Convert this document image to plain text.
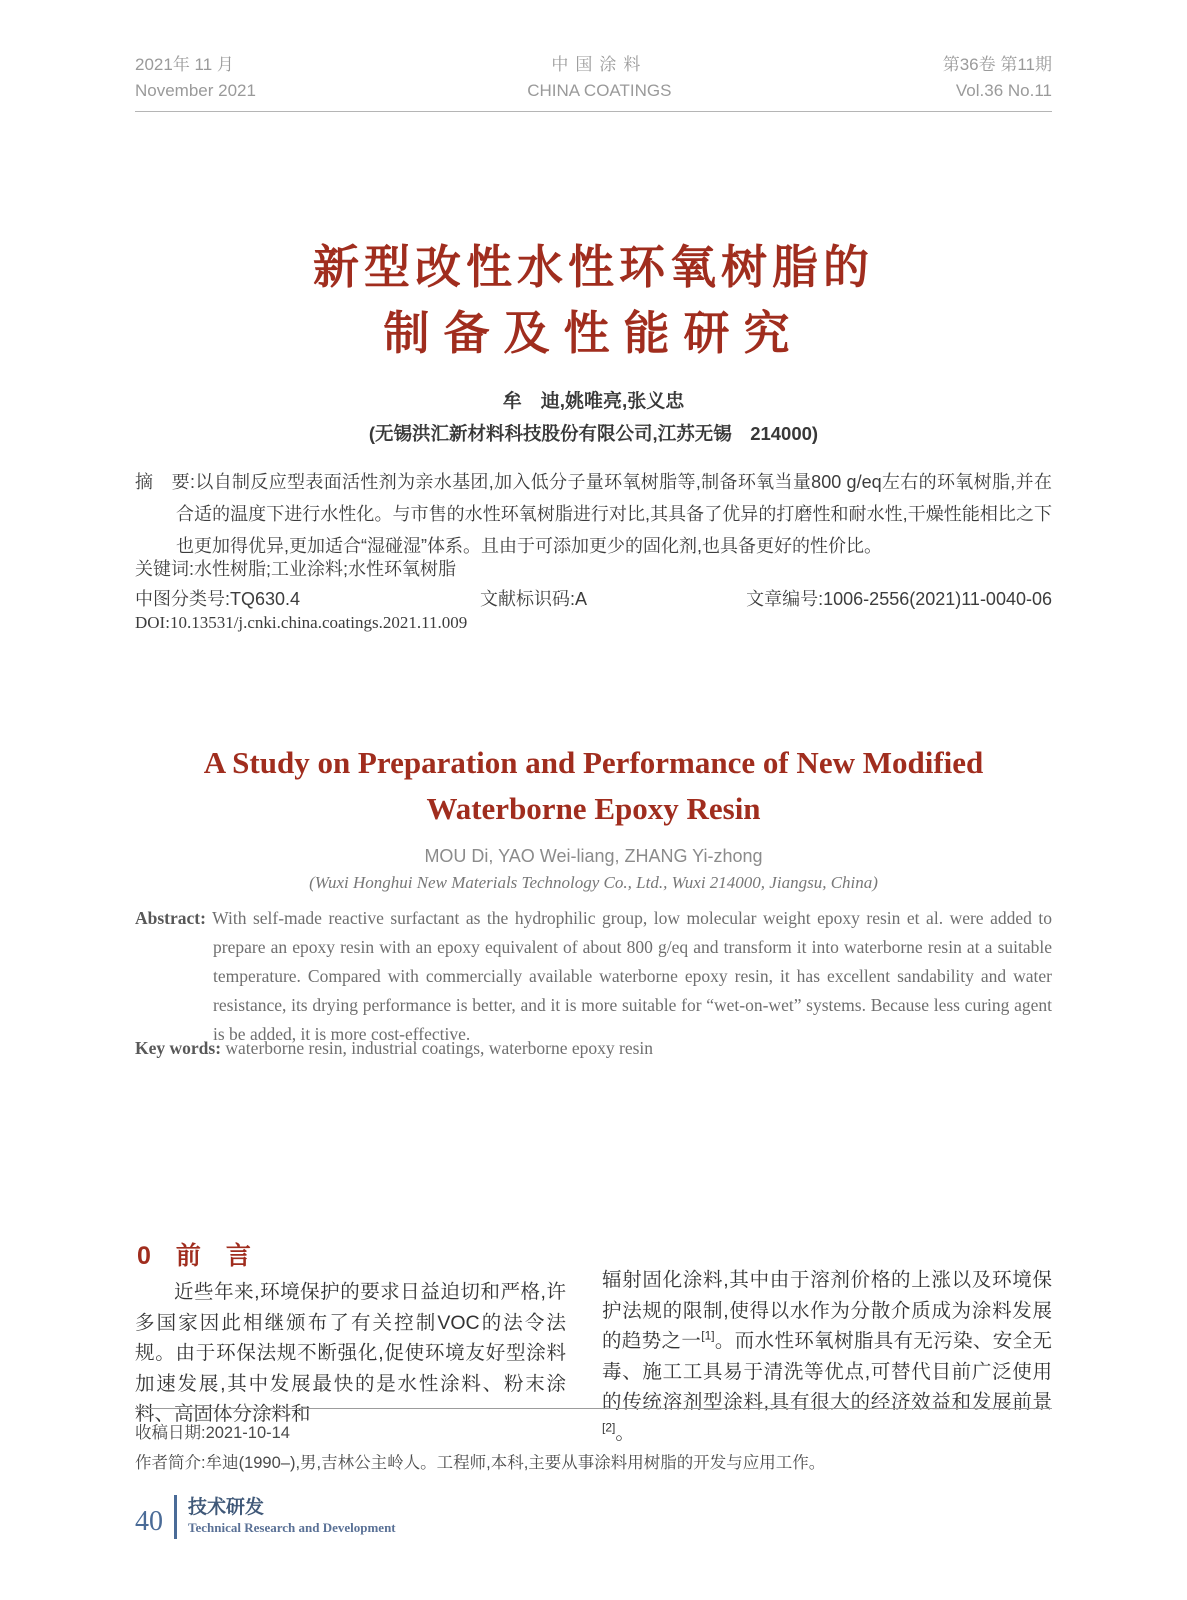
2021年 11 月
November 2021
中国涂料
CHINA COATINGS
第36卷 第11期
Vol.36 No.11
新型改性水性环氧树脂的
制备及性能研究
牟　迪,姚唯亮,张义忠
(无锡洪汇新材料科技股份有限公司,江苏无锡　214000)

摘　要:以自制反应型表面活性剂为亲水基团,加入低分子量环氧树脂等,制备环氧当量800 g/eq左右的环氧树脂,并在合适的温度下进行水性化。与市售的水性环氧树脂进行对比,其具备了优异的打磨性和耐水性,干燥性能相比之下也更加得优异,更加适合“湿碰湿”体系。且由于可添加更少的固化剂,也具备更好的性价比。

关键词:水性树脂;工业涂料;水性环氧树脂

中图分类号:TQ630.4	文献标识码:A	文章编号:1006-2556(2021)11-0040-06
DOI:10.13531/j.cnki.china.coatings.2021.11.009
A Study on Preparation and Performance of New Modified
Waterborne Epoxy Resin
MOU Di, YAO Wei-liang, ZHANG Yi-zhong
(Wuxi Honghui New Materials Technology Co., Ltd., Wuxi 214000, Jiangsu, China)

Abstract: With self-made reactive surfactant as the hydrophilic group, low molecular weight epoxy resin et al. were added to prepare an epoxy resin with an epoxy equivalent of about 800 g/eq and transform it into waterborne resin at a suitable temperature. Compared with commercially available waterborne epoxy resin, it has excellent sandability and water resistance, its drying performance is better, and it is more suitable for “wet-on-wet” systems. Because less curing agent is be added, it is more cost-effective.

Key words: waterborne resin, industrial coatings, waterborne epoxy resin

0　前　言

近些年来,环境保护的要求日益迫切和严格,许多国家因此相继颁布了有关控制VOC的法令法规。由于环保法规不断强化,促使环境友好型涂料加速发展,其中发展最快的是水性涂料、粉末涂料、高固体分涂料和

辐射固化涂料,其中由于溶剂价格的上涨以及环境保护法规的限制,使得以水作为分散介质成为涂料发展的趋势之一[1]。而水性环氧树脂具有无污染、安全无毒、施工工具易于清洗等优点,可替代目前广泛使用的传统溶剂型涂料,具有很大的经济效益和发展前景[2]。

收稿日期:2021-10-14
作者简介:牟迪(1990–),男,吉林公主岭人。工程师,本科,主要从事涂料用树脂的开发与应用工作。
40 技术研发
Technical Research and Development
